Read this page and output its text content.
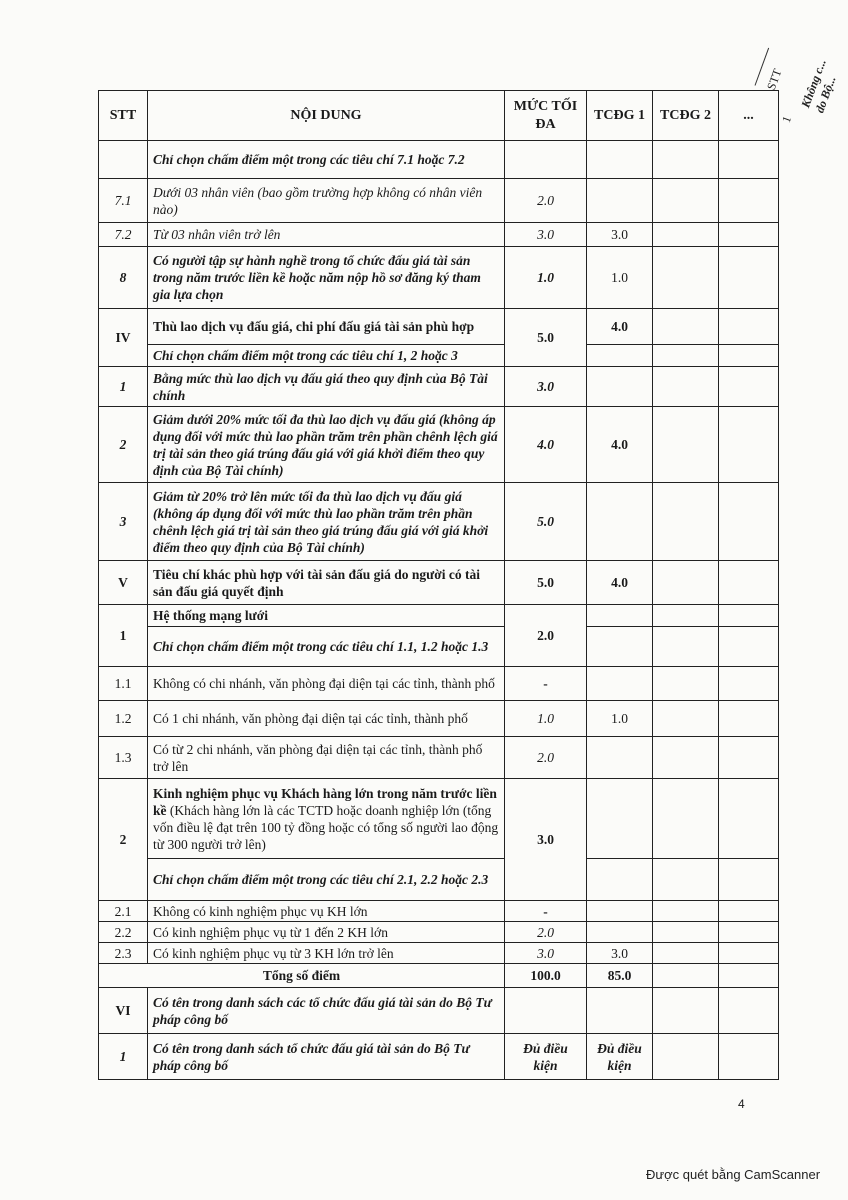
STT
1
Không c... do Bộ...
STT	NỘI DUNG	MỨC TỐI ĐA	TCĐG 1	TCĐG 2	...
	Chỉ chọn chấm điểm một trong các tiêu chí 7.1 hoặc 7.2				
7.1	Dưới 03 nhân viên (bao gồm trường hợp không có nhân viên nào)	2.0			
7.2	Từ 03 nhân viên trở lên	3.0	3.0		
8	Có người tập sự hành nghề trong tổ chức đấu giá tài sản trong năm trước liền kề hoặc năm nộp hồ sơ đăng ký tham gia lựa chọn	1.0	1.0		
IV	Thù lao dịch vụ đấu giá, chi phí đấu giá tài sản phù hợp	5.0	4.0		
	Chỉ chọn chấm điểm một trong các tiêu chí 1, 2 hoặc 3				
1	Bằng mức thù lao dịch vụ đấu giá theo quy định của Bộ Tài chính	3.0			
2	Giảm dưới 20% mức tối đa thù lao dịch vụ đấu giá (không áp dụng đối với mức thù lao phần trăm trên phần chênh lệch giá trị tài sản theo giá trúng đấu giá với giá khởi điểm theo quy định của Bộ Tài chính)	4.0	4.0		
3	Giảm từ 20% trở lên mức tối đa thù lao dịch vụ đấu giá (không áp dụng đối với mức thù lao phần trăm trên phần chênh lệch giá trị tài sản theo giá trúng đấu giá với giá khởi điểm theo quy định của Bộ Tài chính)	5.0			
V	Tiêu chí khác phù hợp với tài sản đấu giá do người có tài sản đấu giá quyết định	5.0	4.0		
1	Hệ thống mạng lưới	2.0			
	Chỉ chọn chấm điểm một trong các tiêu chí 1.1, 1.2 hoặc 1.3				
1.1	Không có chi nhánh, văn phòng đại diện tại các tỉnh, thành phố	-			
1.2	Có 1 chi nhánh, văn phòng đại diện tại các tỉnh, thành phố	1.0	1.0		
1.3	Có từ 2 chi nhánh, văn phòng đại diện tại các tỉnh, thành phố trở lên	2.0			
2	Kinh nghiệm phục vụ Khách hàng lớn trong năm trước liền kề (Khách hàng lớn là các TCTD hoặc doanh nghiệp lớn (tổng vốn điều lệ đạt trên 100 tỷ đồng hoặc có tổng số người lao động từ 300 người trở lên)	3.0			
	Chỉ chọn chấm điểm một trong các tiêu chí 2.1, 2.2 hoặc 2.3				
2.1	Không có kinh nghiệm phục vụ KH lớn	-			
2.2	Có kinh nghiệm phục vụ từ 1 đến 2 KH lớn	2.0			
2.3	Có kinh nghiệm phục vụ từ 3 KH lớn trở lên	3.0	3.0		
Tổng số điểm		100.0	85.0		
VI	Có tên trong danh sách các tổ chức đấu giá tài sản do Bộ Tư pháp công bố				
1	Có tên trong danh sách tổ chức đấu giá tài sản do Bộ Tư pháp công bố	Đủ điều kiện	Đủ điều kiện		
4
Được quét bằng CamScanner
